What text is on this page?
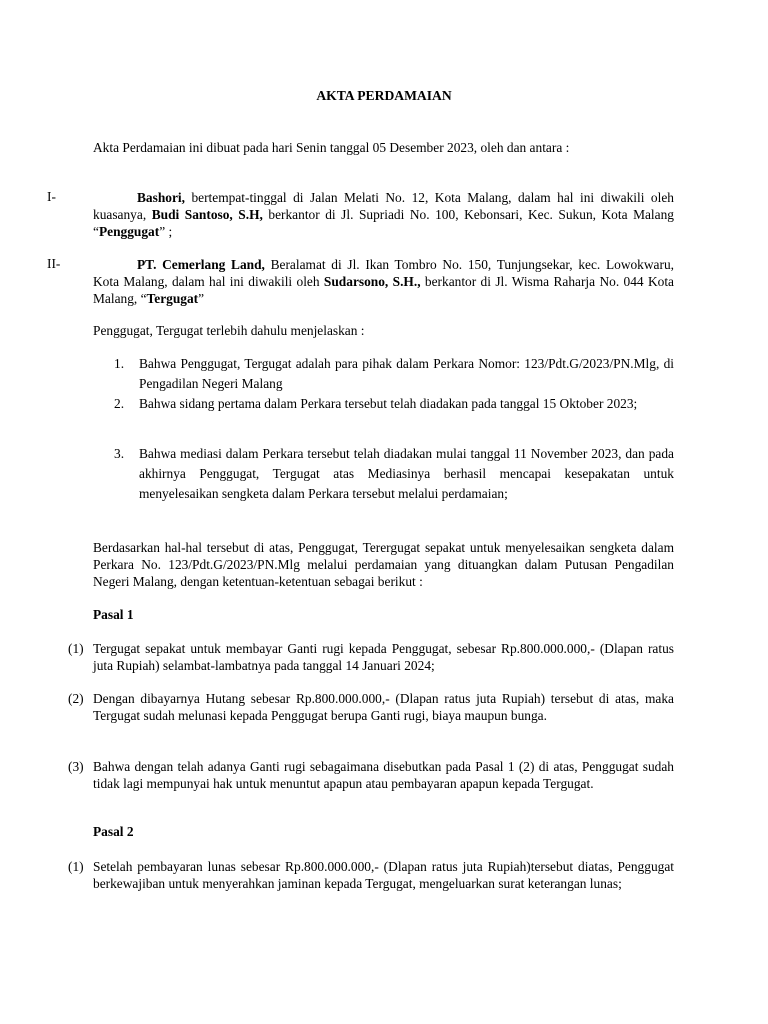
AKTA PERDAMAIAN
Akta Perdamaian ini dibuat pada hari Senin tanggal 05 Desember 2023, oleh dan antara :
I-	Bashori, bertempat-tinggal di Jalan Melati No. 12, Kota Malang, dalam hal ini diwakili oleh kuasanya, Budi Santoso, S.H, berkantor di Jl. Supriadi No. 100, Kebonsari, Kec. Sukun, Kota Malang “Penggugat” ;
II-	PT. Cemerlang Land, Beralamat di Jl. Ikan Tombro No. 150, Tunjungsekar, kec. Lowokwaru, Kota Malang, dalam hal ini diwakili oleh Sudarsono, S.H., berkantor di Jl. Wisma Raharja No. 044 Kota Malang, “Tergugat”
Penggugat, Tergugat terlebih dahulu menjelaskan :
1. Bahwa Penggugat, Tergugat adalah para pihak dalam Perkara Nomor: 123/Pdt.G/2023/PN.Mlg, di Pengadilan Negeri Malang
2. Bahwa sidang pertama dalam Perkara tersebut telah diadakan pada tanggal 15 Oktober 2023;
3. Bahwa mediasi dalam Perkara tersebut telah diadakan mulai tanggal 11 November 2023, dan pada akhirnya Penggugat, Tergugat atas Mediasinya berhasil mencapai kesepakatan untuk menyelesaikan sengketa dalam Perkara tersebut melalui perdamaian;
Berdasarkan hal-hal tersebut di atas, Penggugat, Terergugat sepakat untuk menyelesaikan sengketa dalam Perkara No. 123/Pdt.G/2023/PN.Mlg melalui perdamaian yang dituangkan dalam Putusan Pengadilan Negeri Malang, dengan ketentuan-ketentuan sebagai berikut :
Pasal 1
(1) Tergugat sepakat untuk membayar Ganti rugi kepada Penggugat, sebesar Rp.800.000.000,- (Dlapan ratus juta Rupiah) selambat-lambatnya pada tanggal 14 Januari 2024;
(2) Dengan dibayarnya Hutang sebesar Rp.800.000.000,- (Dlapan ratus juta Rupiah) tersebut di atas, maka Tergugat sudah melunasi kepada Penggugat berupa Ganti rugi, biaya maupun bunga.
(3) Bahwa dengan telah adanya Ganti rugi sebagaimana disebutkan pada Pasal 1 (2) di atas, Penggugat sudah tidak lagi mempunyai hak untuk menuntut apapun atau pembayaran apapun kepada Tergugat.
Pasal 2
(1) Setelah pembayaran lunas sebesar Rp.800.000.000,- (Dlapan ratus juta Rupiah)tersebut diatas, Penggugat berkewajiban untuk menyerahkan jaminan kepada Tergugat, mengeluarkan surat keterangan lunas;
